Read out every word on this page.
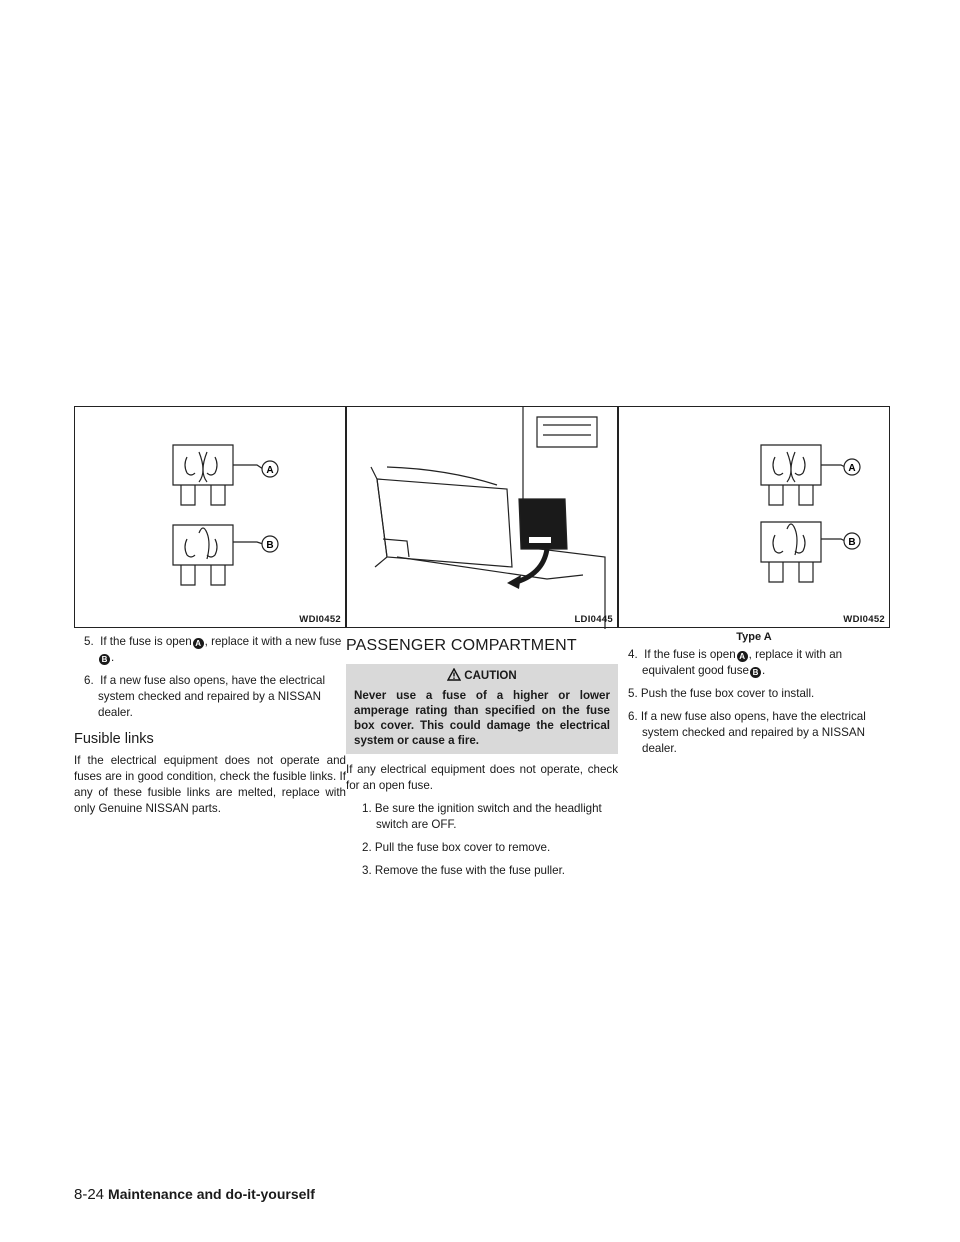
A
B
WDI0452

5. If the fuse is open A , replace it with a new fuseB .

6. If a new fuse also opens, have the electrical system checked and repaired by a NISSAN dealer.

Fusible links

If the electrical equipment does not operate and fuses are in good condition, check the fusible links. If any of these fusible links are melted, replace with only Genuine NISSAN parts.

LDI0445
PASSENGER COMPARTMENT
CAUTION
Never use a fuse of a higher or lower amperage rating than specified on the fuse box cover. This could damage the electrical system or cause a fire.

If any electrical equipment does not operate, check for an open fuse.

1. Be sure the ignition switch and the headlight switch are OFF.

2. Pull the fuse box cover to remove.

3. Remove the fuse with the fuse puller.

A
B
WDI0452
Type A

4. If the fuse is open A , replace it with an equivalent good fuse B .

5. Push the fuse box cover to install.

6. If a new fuse also opens, have the electrical system checked and repaired by a NISSAN dealer.

8-24 Maintenance and do-it-yourself
